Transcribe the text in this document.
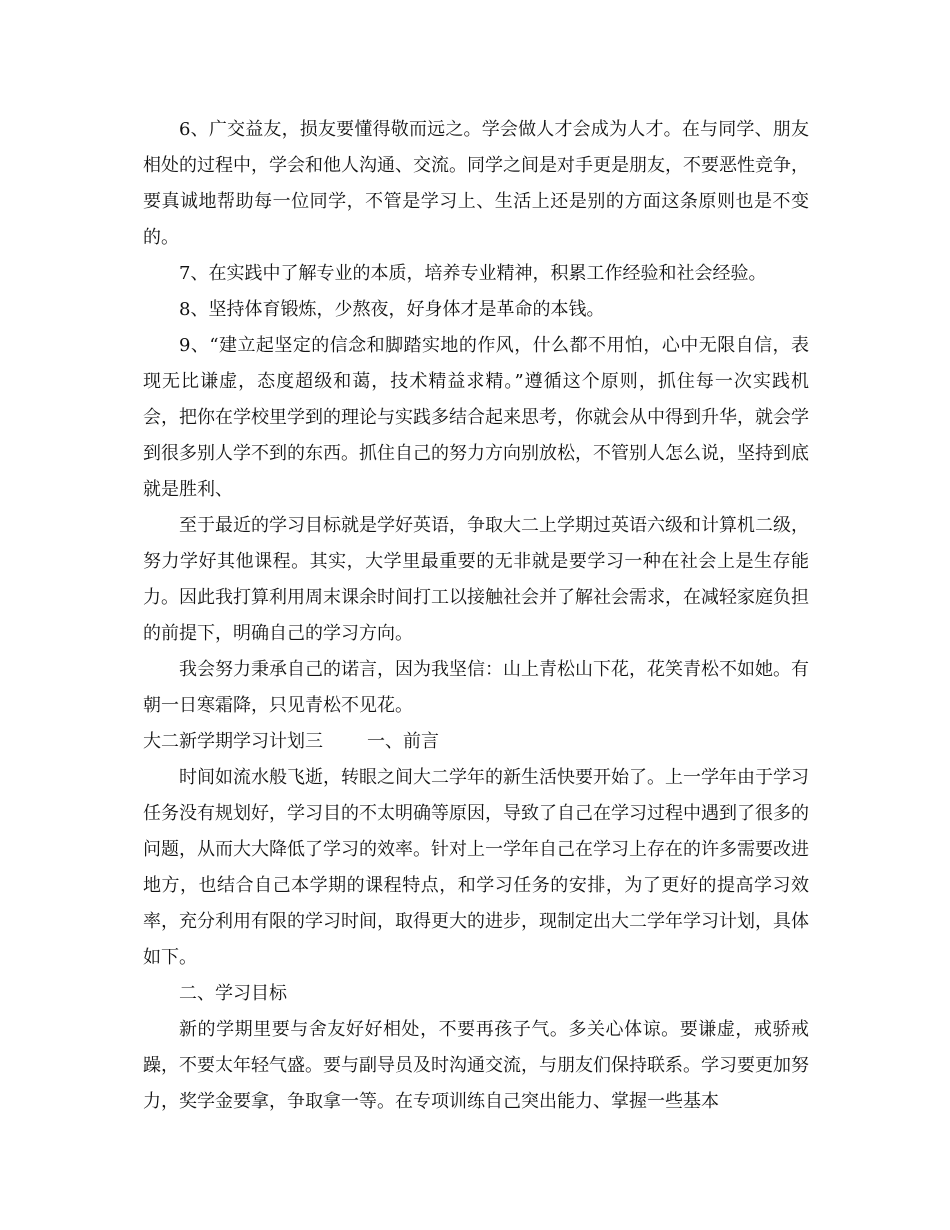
6、广交益友，损友要懂得敬而远之。学会做人才会成为人才。在与同学、朋友相处的过程中，学会和他人沟通、交流。同学之间是对手更是朋友，不要恶性竞争，要真诚地帮助每一位同学，不管是学习上、生活上还是别的方面这条原则也是不变的。

7、在实践中了解专业的本质，培养专业精神，积累工作经验和社会经验。

8、坚持体育锻炼，少熬夜，好身体才是革命的本钱。

9、“建立起坚定的信念和脚踏实地的作风，什么都不用怕，心中无限自信，表现无比谦虚，态度超级和蔼，技术精益求精。”遵循这个原则，抓住每一次实践机会，把你在学校里学到的理论与实践多结合起来思考，你就会从中得到升华，就会学到很多别人学不到的东西。抓住自己的努力方向别放松，不管别人怎么说，坚持到底就是胜利、

至于最近的学习目标就是学好英语，争取大二上学期过英语六级和计算机二级，努力学好其他课程。其实，大学里最重要的无非就是要学习一种在社会上是生存能力。因此我打算利用周末课余时间打工以接触社会并了解社会需求，在减轻家庭负担的前提下，明确自己的学习方向。

我会努力秉承自己的诺言，因为我坚信：山上青松山下花，花笑青松不如她。有朝一日寒霜降，只见青松不见花。

大二新学期学习计划三 一、前言

时间如流水般飞逝，转眼之间大二学年的新生活快要开始了。上一学年由于学习任务没有规划好，学习目的不太明确等原因，导致了自己在学习过程中遇到了很多的问题，从而大大降低了学习的效率。针对上一学年自己在学习上存在的许多需要改进地方，也结合自己本学期的课程特点，和学习任务的安排，为了更好的提高学习效率，充分利用有限的学习时间，取得更大的进步，现制定出大二学年学习计划，具体如下。

二、学习目标

新的学期里要与舍友好好相处，不要再孩子气。多关心体谅。要谦虚，戒骄戒躁，不要太年轻气盛。要与副导员及时沟通交流，与朋友们保持联系。学习要更加努力，奖学金要拿，争取拿一等。在专项训练自己突出能力、掌握一些基本
